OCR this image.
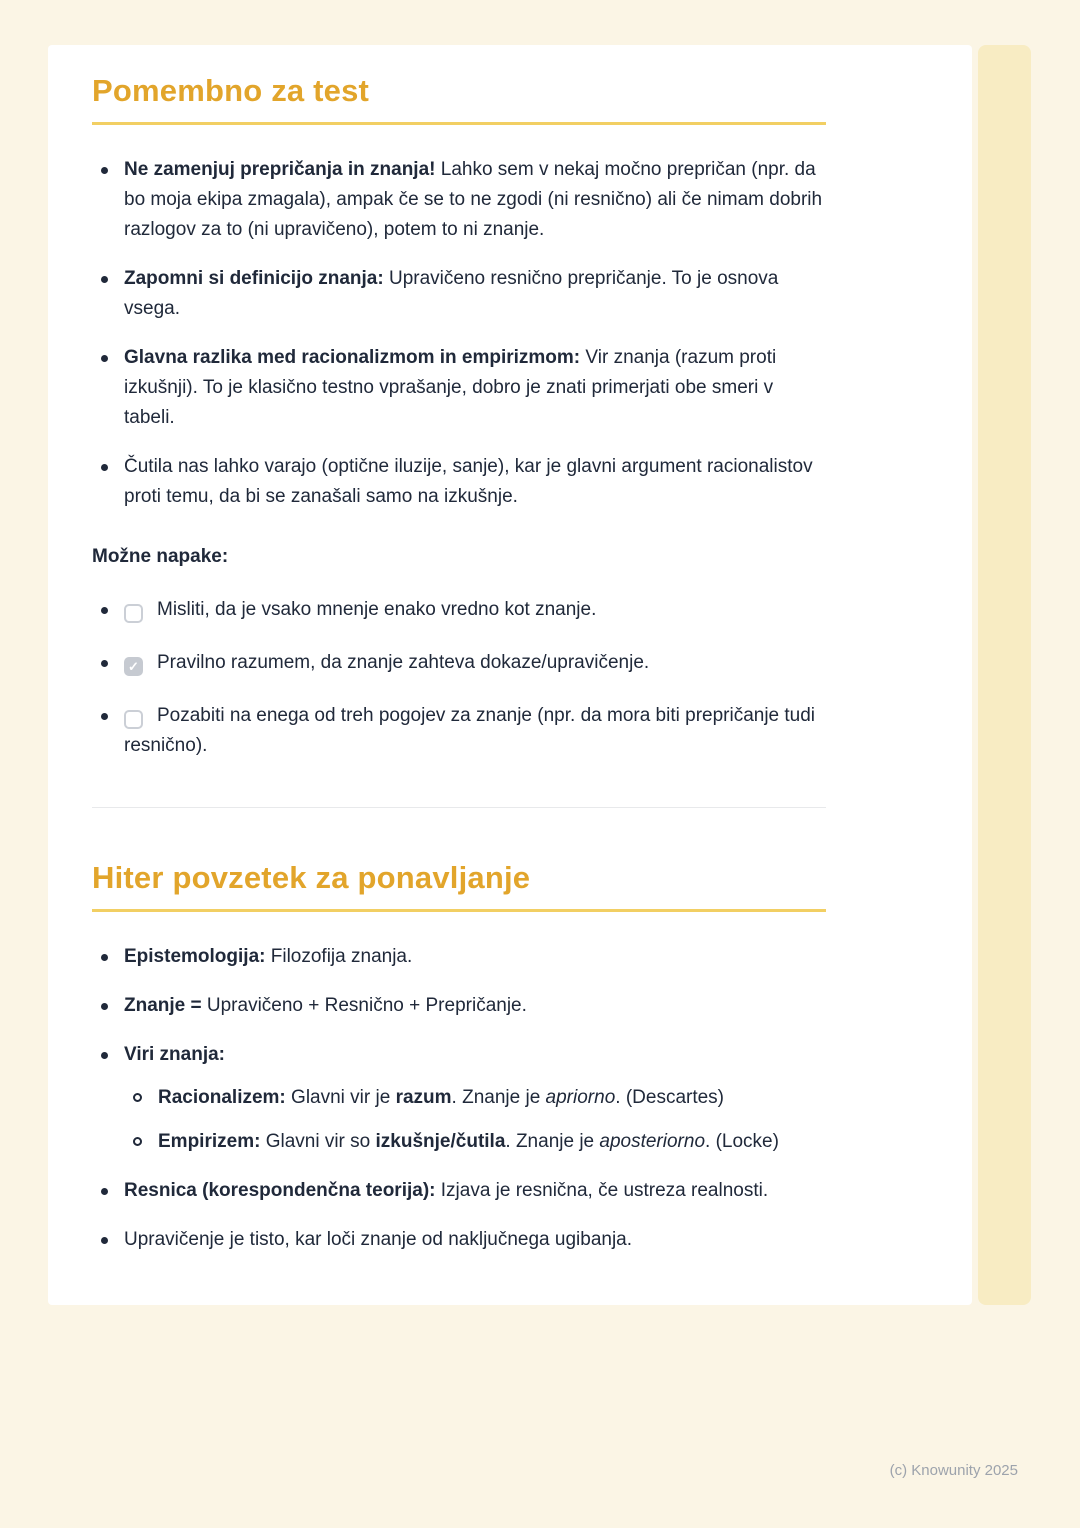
Pomembno za test
Ne zamenjuj prepričanja in znanja! Lahko sem v nekaj močno prepričan (npr. da bo moja ekipa zmagala), ampak če se to ne zgodi (ni resnično) ali če nimam dobrih razlogov za to (ni upravičeno), potem to ni znanje.
Zapomni si definicijo znanja: Upravičeno resnično prepričanje. To je osnova vsega.
Glavna razlika med racionalizmom in empirizmom: Vir znanja (razum proti izkušnji). To je klasično testno vprašanje, dobro je znati primerjati obe smeri v tabeli.
Čutila nas lahko varajo (optične iluzije, sanje), kar je glavni argument racionalistov proti temu, da bi se zanašali samo na izkušnje.

Možne napake:

Misliti, da je vsako mnenje enako vredno kot znanje.
✓ Pravilno razumem, da znanje zahteva dokaze/upravičenje.
Pozabiti na enega od treh pogojev za znanje (npr. da mora biti prepričanje tudi resnično).
Hiter povzetek za ponavljanje
Epistemologija: Filozofija znanja.
Znanje = Upravičeno + Resnično + Prepričanje.
Viri znanja:
Racionalizem: Glavni vir je razum. Znanje je apriorno. (Descartes)
Empirizem: Glavni vir so izkušnje/čutila. Znanje je aposteriorno. (Locke)
Resnica (korespondenčna teorija): Izjava je resnična, če ustreza realnosti.
Upravičenje je tisto, kar loči znanje od naključnega ugibanja.
(c) Knowunity 2025
